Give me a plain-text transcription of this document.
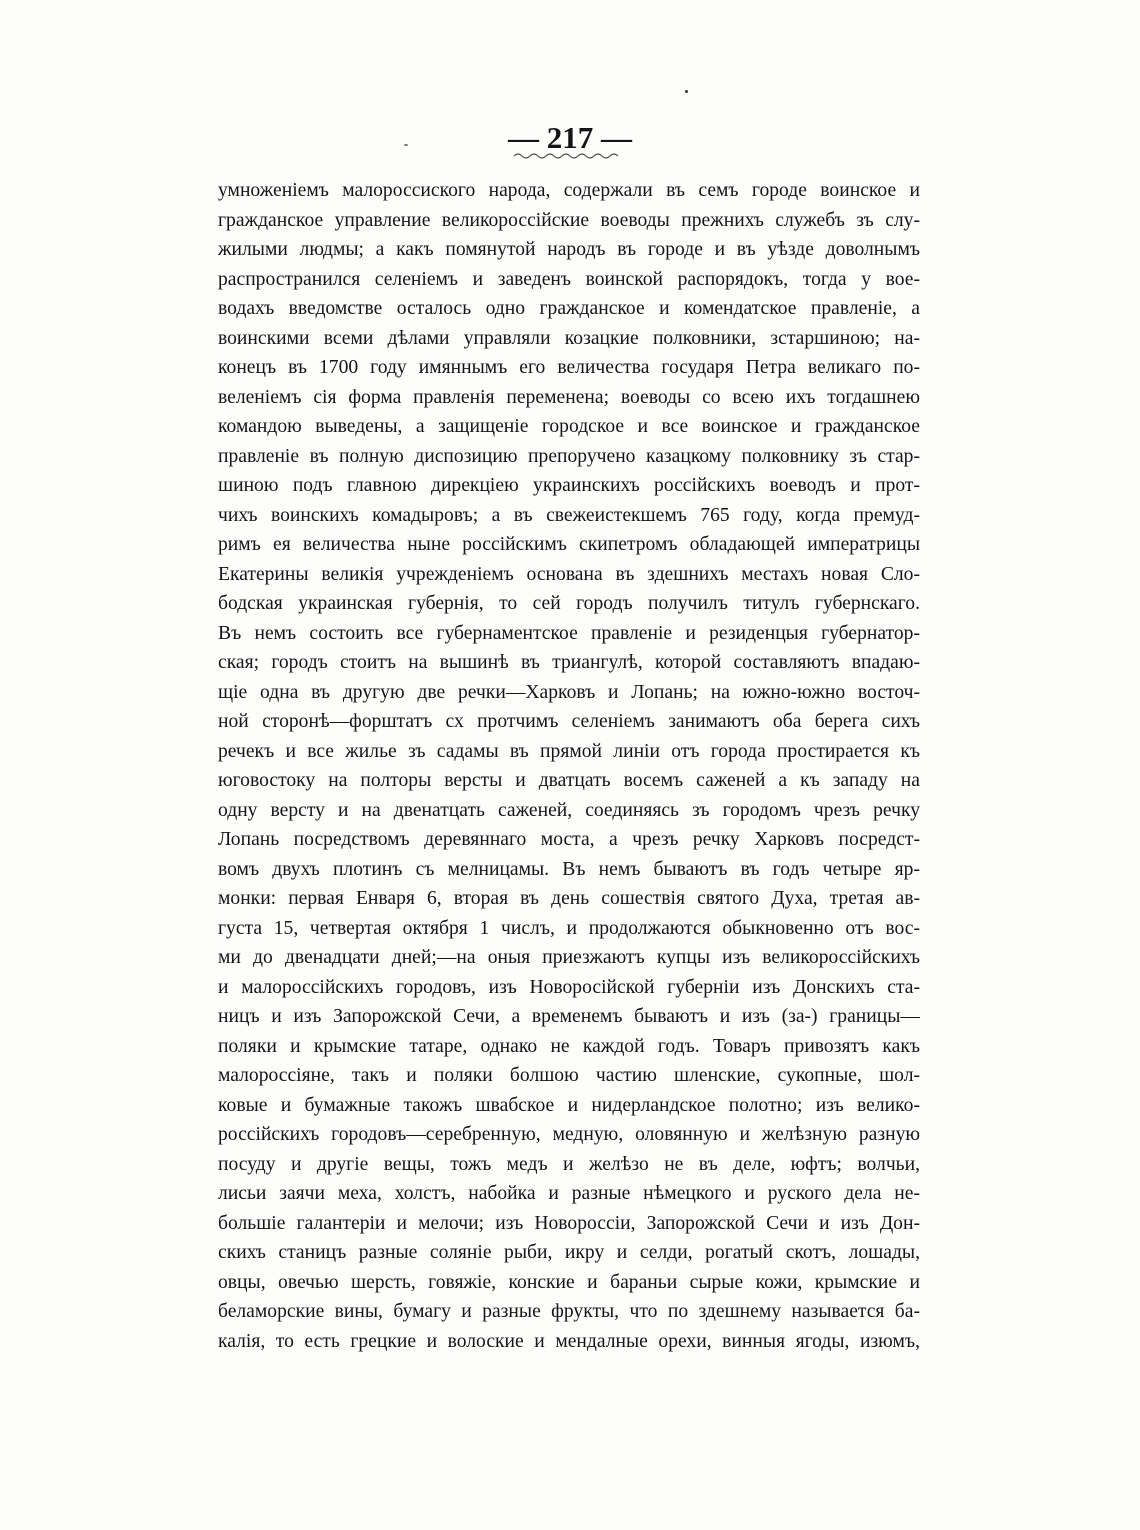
— 217 —
умноженіемъ малороссиского народа, содержали въ семъ городе воинское и
гражданское управление великороссійские воеводы прежнихъ служебъ зъ слу-
жилыми людмы; а какъ помянутой народъ въ городе и въ уѣзде доволнымъ
распространился селеніемъ и заведенъ воинской распорядокъ, тогда у вое-
водахъ введомстве осталось одно гражданское и комендатское правленіе, а
воинскими всеми дѣлами управляли козацкие полковники, зстаршиною; на-
конецъ въ 1700 году имяннымъ его величества государя Петра великаго по-
веленіемъ сія форма правленія переменена; воеводы со всею ихъ тогдашнею
командою выведены, а защищеніе городское и все воинское и гражданское
правленіе въ полную диспозицию препоручено казацкому полковнику зъ стар-
шиною подъ главною дирекціею украинскихъ россійскихъ воеводъ и прот-
чихъ воинскихъ комадыровъ; а въ свежеистекшемъ 765 году, когда премуд-
римъ ея величества ныне россійскимъ скипетромъ обладающей императрицы
Екатерины великія учрежденіемъ основана въ здешнихъ местахъ новая Сло-
бодская украинская губернія, то сей городъ получилъ титулъ губернскаго.
Въ немъ состоить все губернаментское правленіе и резиденцыя губернатор-
ская; городъ стоитъ на вышинѣ въ триангулѣ, которой составляютъ впадаю-
щіе одна въ другую две речки—Харковъ и Лопань; на южно-южно восточ-
ной сторонѣ—форштатъ сх протчимъ селеніемъ занимаютъ оба берега сихъ
речекъ и все жилье зъ садамы въ прямой линіи отъ города простирается къ
юговостоку на полторы версты и дватцать восемъ саженей а къ западу на
одну версту и на двенатцать саженей, соединяясь зъ городомъ чрезъ речку
Лопань посредствомъ деревяннаго моста, а чрезъ речку Харковъ посредст-
вомъ двухъ плотинъ съ мелницамы. Въ немъ бываютъ въ годъ четыре яр-
монки: первая Енваря 6, вторая въ день сошествія святого Духа, третая ав-
густа 15, четвертая октября 1 числъ, и продолжаются обыкновенно отъ вос-
ми до двенадцати дней;—на оныя приезжаютъ купцы изъ великороссійскихъ
и малороссійскихъ городовъ, изъ Новоросійской губерніи изъ Донскихъ ста-
ницъ и изъ Запорожской Сечи, а временемъ бываютъ и изъ (за-) границы—
поляки и крымские татаре, однако не каждой годъ. Товаръ привозятъ какъ
малороссіяне, такъ и поляки болшою частию шленские, сукопные, шол-
ковые и бумажные такожъ швабское и нидерландское полотно; изъ велико-
россійскихъ городовъ—серебренную, медную, оловянную и желѣзную разную
посуду и другіе вещы, тожъ медъ и желѣзо не въ деле, юфтъ; волчьи,
лисьи заячи меха, холстъ, набойка и разные нѣмецкого и руского дела не-
большіе галантеріи и мелочи; изъ Новороссіи, Запорожской Сечи и изъ Дон-
скихъ станицъ разные соляніе рыби, икру и селди, рогатый скотъ, лошады,
овцы, овечью шерсть, говяжіе, конские и бараньи сырые кожи, крымские и
беламорские вины, бумагу и разные фрукты, что по здешнему называется ба-
калія, то есть грецкие и волоские и мендалные орехи, винныя ягоды, изюмъ,
